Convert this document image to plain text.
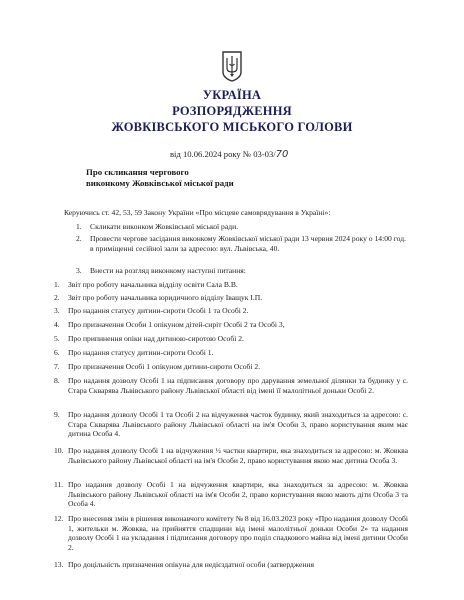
УКРАЇНА
РОЗПОРЯДЖЕННЯ
ЖОВКІВСЬКОГО МІСЬКОГО ГОЛОВИ
від 10.06.2024 року № 03-03/70
Про скликання чергового
виконкому Жовківської міської ради
Керуючись ст. 42, 53, 59 Закону України «Про місцеве самоврядування в Україні»:
1. Скликати виконком Жовківської міської ради.
2. Провести чергове засідання виконкому Жовківської міської ради 13 червня 2024 року о 14:00 год. в приміщенні сесійної зали за адресою: вул. Львівська, 40.
3. Внести на розгляд виконкому наступні питання:
1. Звіт про роботу начальника відділу освіти Сала В.В.
2. Звіт про роботу начальника юридичного відділу Іващук І.П.
3. Про надання статусу дитини-сироти Особі 1 та Особі 2.
4. Про призначення Особи 1 опікуном дітей-сиріт Особі 2 та Особі 3,
5. Про припинення опіки над дитиною-сиротою Особі 2.
6. Про надання статусу дитини-сироти Особі 1.
7. Про призначення Особі 1 опікуном дитини-сироти Особі 2.
8. Про надання дозволу Особі 1 на підписання договору про дарування земельної ділянки та будинку у с. Стара Скварява Львівського району Львівської області від імені її малолітньої доньки Особі 2.
9. Про надання дозволу Особі 1 та Особі 2 на відчуження часток будинку, який знаходиться за адресою: с. Стара Скварява Львівського району Львівської області на ім'я Особи 3, право користування яким має дитина Особа 4.
10. Про надання дозволу Особі 1 на відчуження ½ частки квартири, яка знаходиться за адресою: м. Жовква Львівського району Львівської області на ім'я Особи 2, право користування якою має дитина Особа 3.
11. Про надання дозволу Особі 1 на відчуження квартири, яка знаходиться за адресою: м. Жовква Львівського району Львівської області на ім'я Особи 2, право користування якою мають діти Особа 3 та Особа 4.
12. Про внесення змін в рішення виконавчого комітету № 8 від 16.03.2023 року «Про надання дозволу Особі 1, жительки м. Жовква, на прийняття спадщини від імені малолітньої доньки Особи 2» та надання дозволу Особі 1 на укладання і підписання договору про поділ спадкового майна від імені дитини Особи 2.
13. Про доцільність призначення опікуна для недієздатної особи (затвердження
